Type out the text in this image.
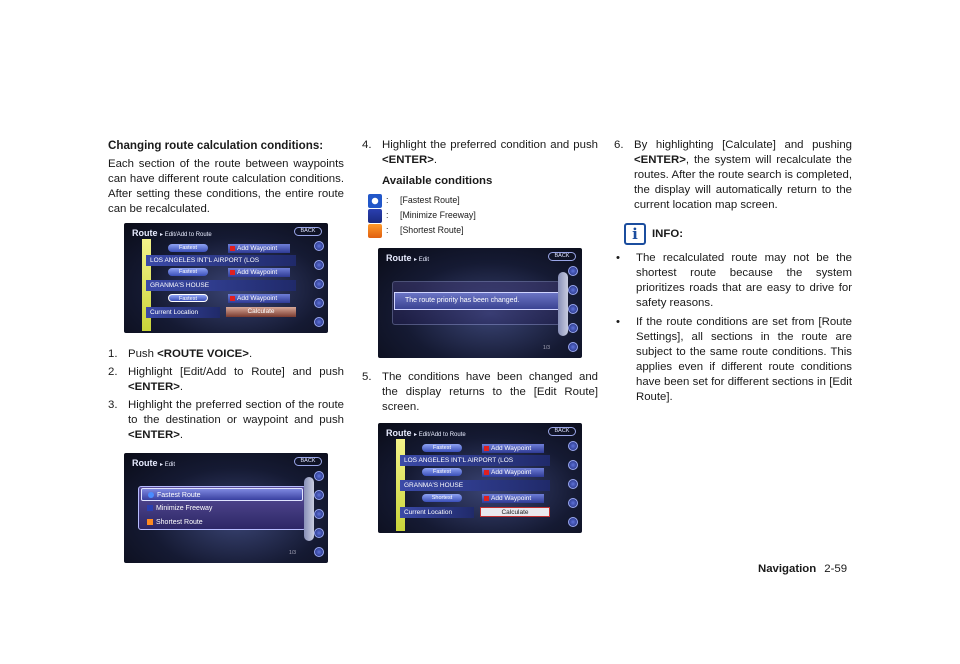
Changing route calculation conditions:

Each section of the route between waypoints can have different route calculation conditions. After setting these conditions, the entire route can be recalculated.

Route ▸ Edit/Add to Route
BACK
Fastest	Add Waypoint
LOS ANGELES INT'L AIRPORT (LOS
Fastest	Add Waypoint
GRANMA'S HOUSE
Fastest	Add Waypoint
Current Location	Calculate
1. Push <ROUTE VOICE>.
2. Highlight [Edit/Add to Route] and push <ENTER>.
3. Highlight the preferred section of the route to the destination or waypoint and push <ENTER>.
Route ▸ Edit
BACK
Fastest Route
Minimize Freeway
Shortest Route
1/3
4. Highlight the preferred condition and push <ENTER>.
Available conditions
:	[Fastest Route]
:	[Minimize Freeway]
:	[Shortest Route]
Route ▸ Edit
BACK
The route priority has been changed.
1/3
5. The conditions have been changed and the display returns to the [Edit Route] screen.
Route ▸ Edit/Add to Route
BACK
Fastest	Add Waypoint
LOS ANGELES INT'L AIRPORT (LOS
Fastest	Add Waypoint
GRANMA'S HOUSE
Shortest	Add Waypoint
Current Location	Calculate
6. By highlighting [Calculate] and pushing <ENTER>, the system will recalculate the routes. After the route search is completed, the display will automatically return to the current location map screen.
i	INFO:
•	The recalculated route may not be the shortest route because the system prioritizes roads that are easy to drive for safety reasons.
•	If the route conditions are set from [Route Settings], all sections in the route are subject to the same route conditions. This applies even if different route conditions have been set for different sections in [Edit Route].
Navigation 2-59
